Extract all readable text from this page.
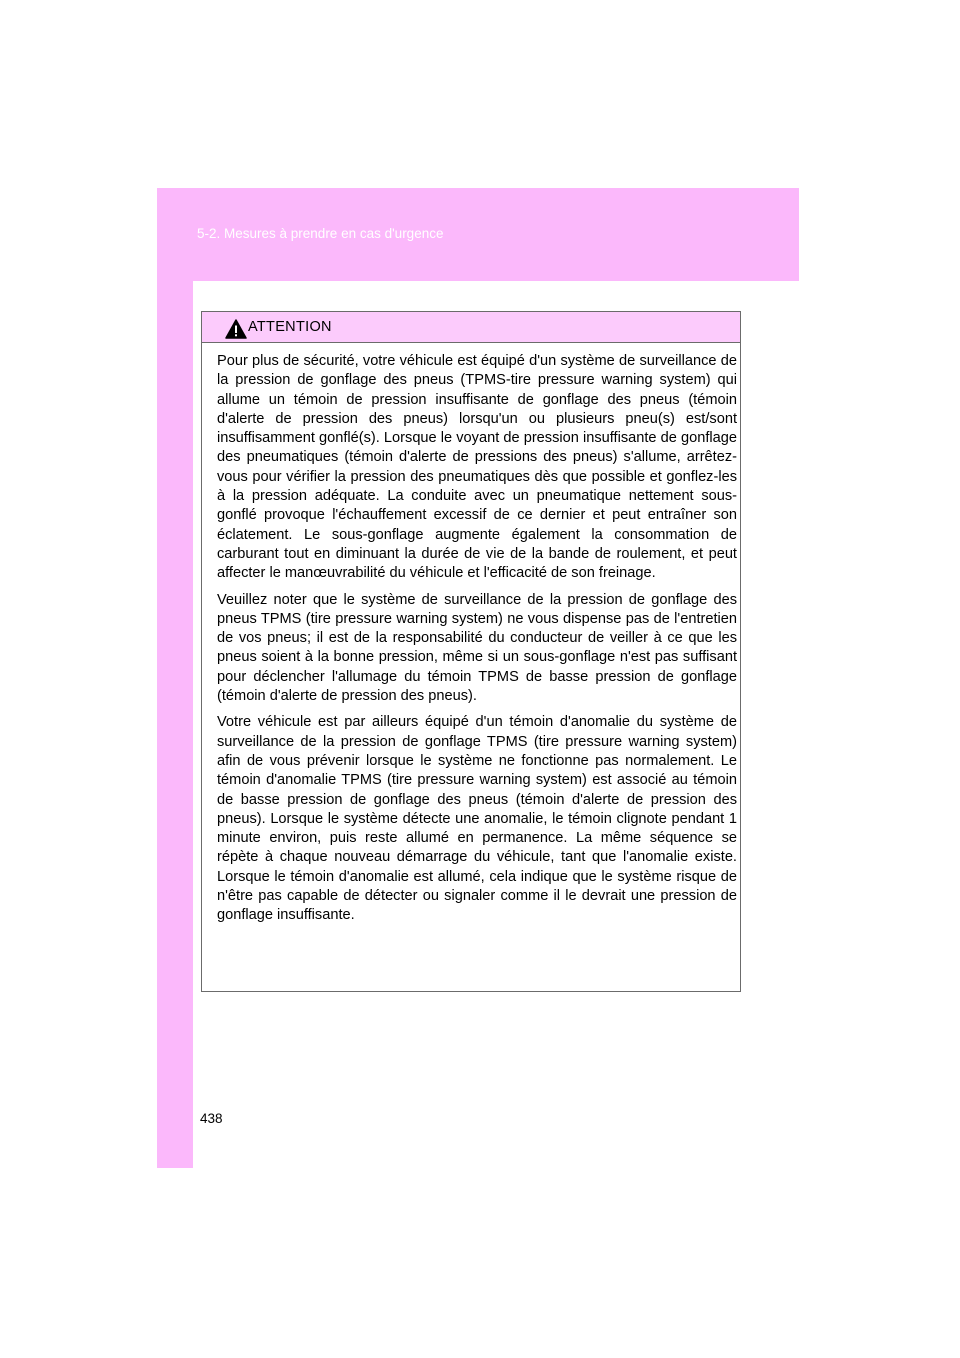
5-2. Mesures à prendre en cas d'urgence
ATTENTION

Pour plus de sécurité, votre véhicule est équipé d'un système de surveillance de la pression de gonflage des pneus (TPMS-tire pressure warning system) qui allume un témoin de pression insuffisante de gonflage des pneus (témoin d'alerte de pression des pneus) lorsqu'un ou plusieurs pneu(s) est/sont insuffisamment gonflé(s). Lorsque le voyant de pression insuffisante de gonflage des pneumatiques (témoin d'alerte de pressions des pneus) s'allume, arrêtez-vous pour vérifier la pression des pneumatiques dès que possible et gonflez-les à la pression adéquate. La conduite avec un pneumatique nettement sous-gonflé provoque l'échauffement excessif de ce dernier et peut entraîner son éclatement. Le sous-gonflage augmente également la consommation de carburant tout en diminuant la durée de vie de la bande de roulement, et peut affecter le manœuvrabilité du véhicule et l'efficacité de son freinage.

Veuillez noter que le système de surveillance de la pression de gonflage des pneus TPMS (tire pressure warning system) ne vous dispense pas de l'entretien de vos pneus; il est de la responsabilité du conducteur de veiller à ce que les pneus soient à la bonne pression, même si un sous-gonflage n'est pas suffisant pour déclencher l'allumage du témoin TPMS de basse pression de gonflage (témoin d'alerte de pression des pneus).

Votre véhicule est par ailleurs équipé d'un témoin d'anomalie du système de surveillance de la pression de gonflage TPMS (tire pressure warning system) afin de vous prévenir lorsque le système ne fonctionne pas normalement. Le témoin d'anomalie TPMS (tire pressure warning system) est associé au témoin de basse pression de gonflage des pneus (témoin d'alerte de pression des pneus). Lorsque le système détecte une anomalie, le témoin clignote pendant 1 minute environ, puis reste allumé en permanence. La même séquence se répète à chaque nouveau démarrage du véhicule, tant que l'anomalie existe. Lorsque le témoin d'anomalie est allumé, cela indique que le système risque de n'être pas capable de détecter ou signaler comme il le devrait une pression de gonflage insuffisante.

438
